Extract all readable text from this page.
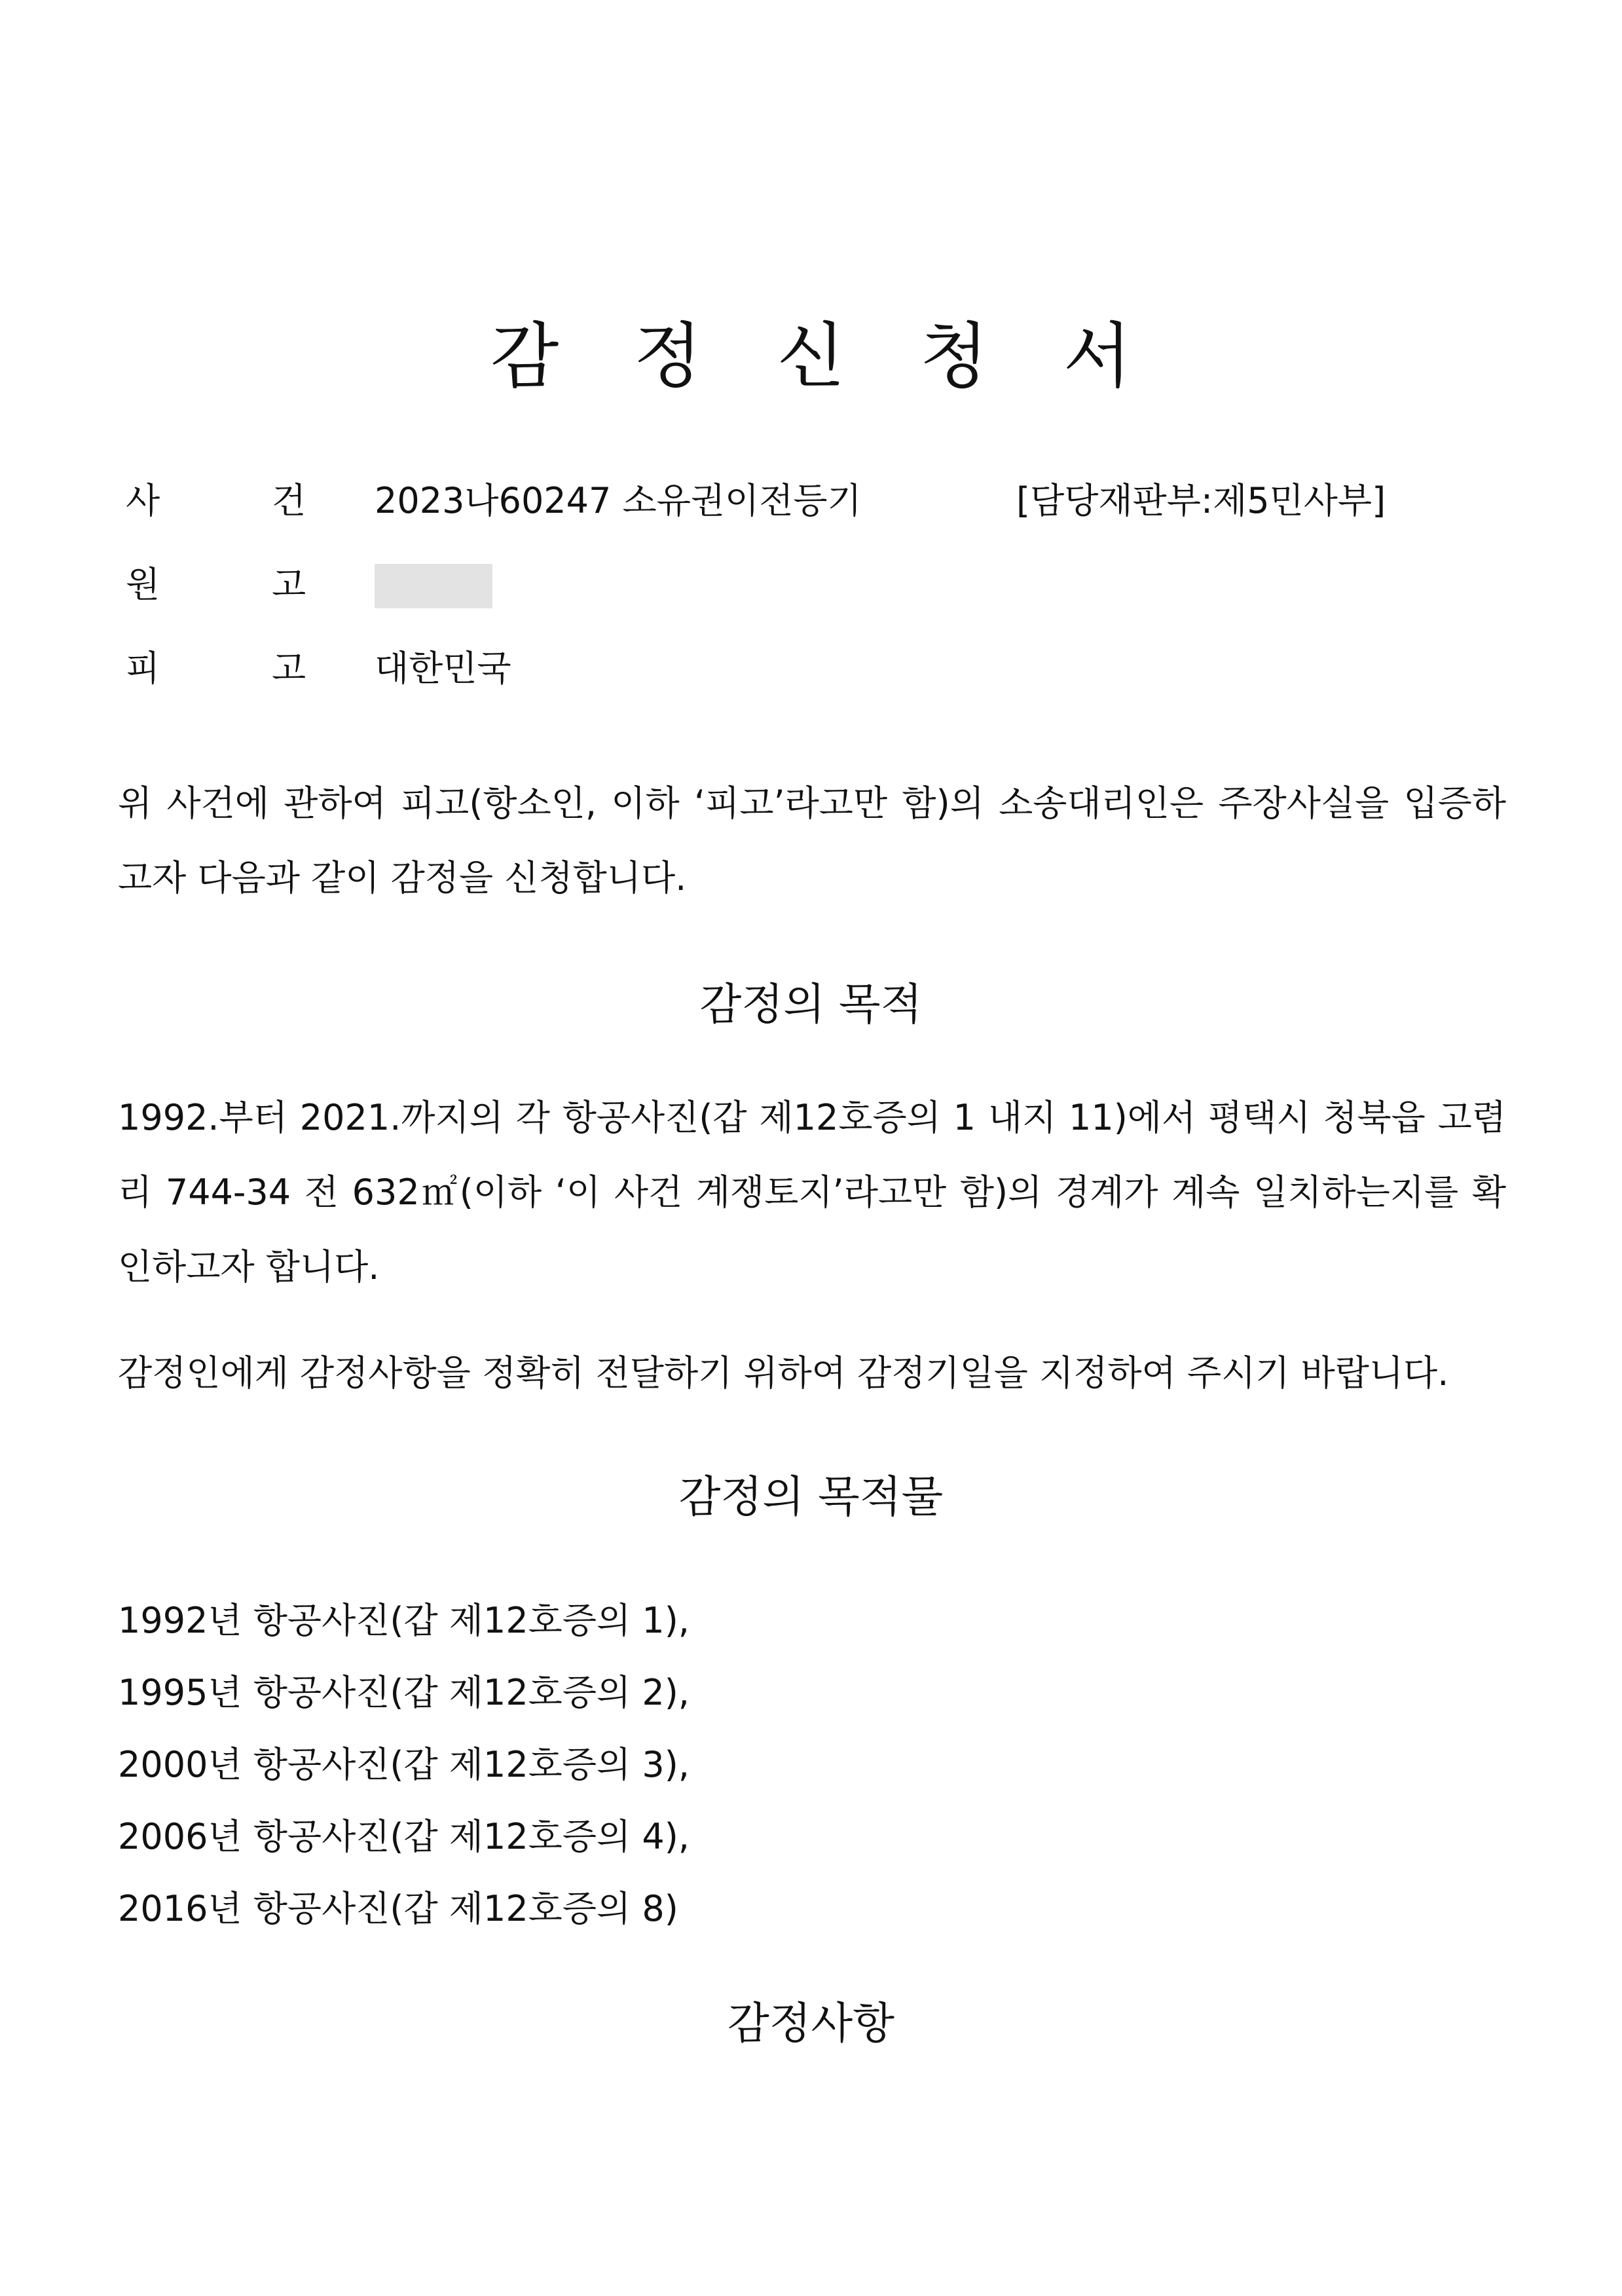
감 정 신 청 서
사	건 2023나60247 소유권이전등기	[담당재판부:제5민사부]
원	고
피	고 대한민국

위 사건에 관하여 피고(항소인, 이하 ‘피고’라고만 함)의 소송대리인은 주장사실을 입증하고자 다음과 같이 감정을 신청합니다.

감정의 목적

1992.부터 2021.까지의 각 항공사진(갑 제12호증의 1 내지 11)에서 평택시 청북읍 고렴리 744-34 전 632㎡(이하 ‘이 사건 계쟁토지’라고만 함)의 경계가 계속 일치하는지를 확인하고자 합니다.

감정인에게 감정사항을 정확히 전달하기 위하여 감정기일을 지정하여 주시기 바랍니다.

감정의 목적물
1992년 항공사진(갑 제12호증의 1),
1995년 항공사진(갑 제12호증의 2),
2000년 항공사진(갑 제12호증의 3),
2006년 항공사진(갑 제12호증의 4),
2016년 항공사진(갑 제12호증의 8)
감정사항
